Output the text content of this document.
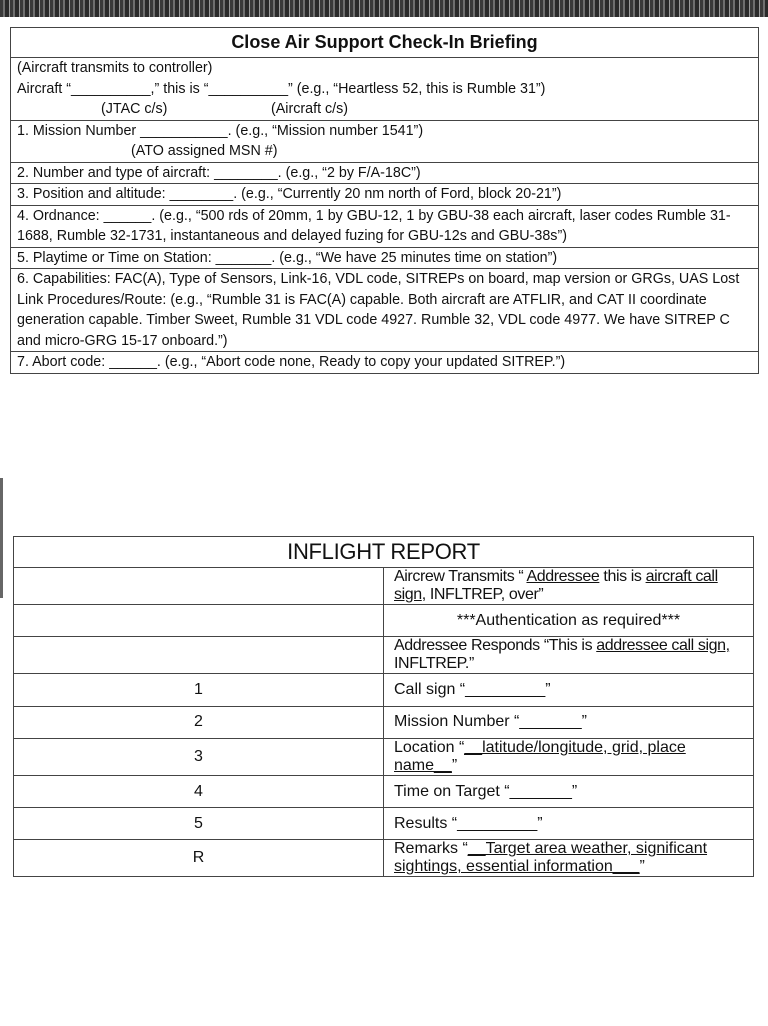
Close Air Support Check-In Briefing
(Aircraft transmits to controller)
Aircraft “__________,” this is “__________” (e.g., “Heartless 52, this is Rumble 31”)
(JTAC c/s)	(Aircraft c/s)
1. Mission Number ___________. (e.g., “Mission number 1541”)
(ATO assigned MSN #)
2. Number and type of aircraft: ________. (e.g., “2 by F/A-18C”)
3. Position and altitude: ________. (e.g., “Currently 20 nm north of Ford, block 20-21”)
4. Ordnance: ______. (e.g., “500 rds of 20mm, 1 by GBU-12, 1 by GBU-38 each aircraft, laser codes Rumble 31-1688, Rumble 32-1731, instantaneous and delayed fuzing for GBU-12s and GBU-38s”)
5. Playtime or Time on Station: _______. (e.g., “We have 25 minutes time on station”)
6. Capabilities: FAC(A), Type of Sensors, Link-16, VDL code, SITREPs on board, map version or GRGs, UAS Lost Link Procedures/Route: (e.g., “Rumble 31 is FAC(A) capable. Both aircraft are ATFLIR, and CAT II coordinate generation capable. Timber Sweet, Rumble 31 VDL code 4927. Rumble 32, VDL code 4977. We have SITREP C and micro-GRG 15-17 onboard.”)
7. Abort code: ______. (e.g., “Abort code none, Ready to copy your updated SITREP.”)
INFLIGHT REPORT	
	Aircrew Transmits “ Addressee this is aircraft call sign, INFLTREP, over”
	***Authentication as required***
	Addressee Responds “This is addressee call sign, INFLTREP.”
1	Call sign “_________”
2	Mission Number “_______”
3	Location “__latitude/longitude, grid, place name__”
4	Time on Target “_______”
5	Results “_________”
R	Remarks “__Target area weather, significant sightings, essential information___”
